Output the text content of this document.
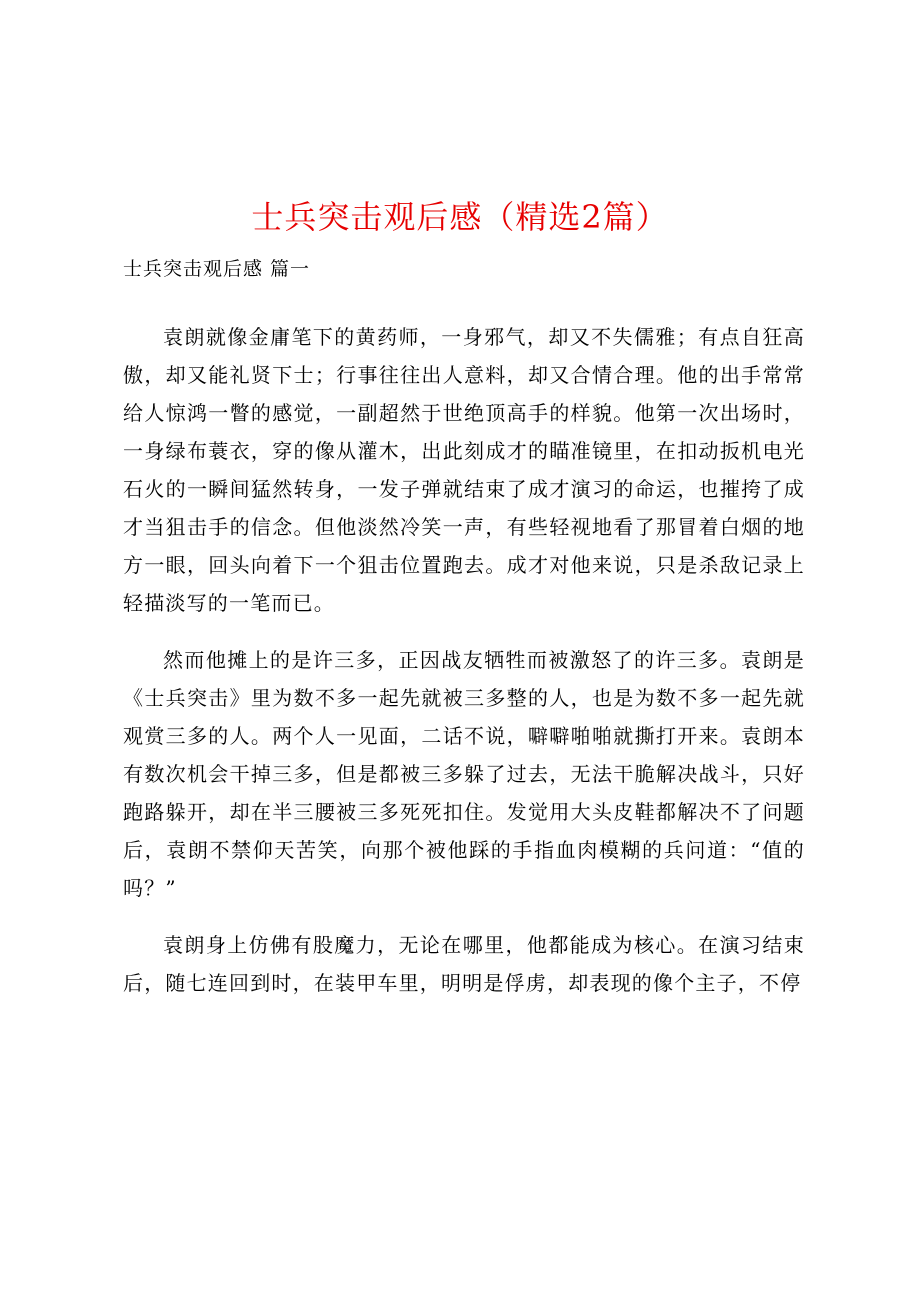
士兵突击观后感（精选2篇）
士兵突击观后感 篇一

袁朗就像金庸笔下的黄药师，一身邪气，却又不失儒雅；有点自狂高傲，却又能礼贤下士；行事往往出人意料，却又合情合理。他的出手常常给人惊鸿一瞥的感觉，一副超然于世绝顶高手的样貌。他第一次出场时，一身绿布蓑衣，穿的像从灌木，出此刻成才的瞄准镜里，在扣动扳机电光石火的一瞬间猛然转身，一发子弹就结束了成才演习的命运，也摧挎了成才当狙击手的信念。但他淡然冷笑一声，有些轻视地看了那冒着白烟的地方一眼，回头向着下一个狙击位置跑去。成才对他来说，只是杀敌记录上轻描淡写的一笔而已。

然而他摊上的是许三多，正因战友牺牲而被激怒了的许三多。袁朗是《士兵突击》里为数不多一起先就被三多整的人，也是为数不多一起先就观赏三多的人。两个人一见面，二话不说，噼噼啪啪就撕打开来。袁朗本有数次机会干掉三多，但是都被三多躲了过去，无法干脆解决战斗，只好跑路躲开，却在半三腰被三多死死扣住。发觉用大头皮鞋都解决不了问题后，袁朗不禁仰天苦笑，向那个被他踩的手指血肉模糊的兵问道：“值的吗？”

袁朗身上仿佛有股魔力，无论在哪里，他都能成为核心。在演习结束后，随七连回到时，在装甲车里，明明是俘虏，却表现的像个主子，不停
